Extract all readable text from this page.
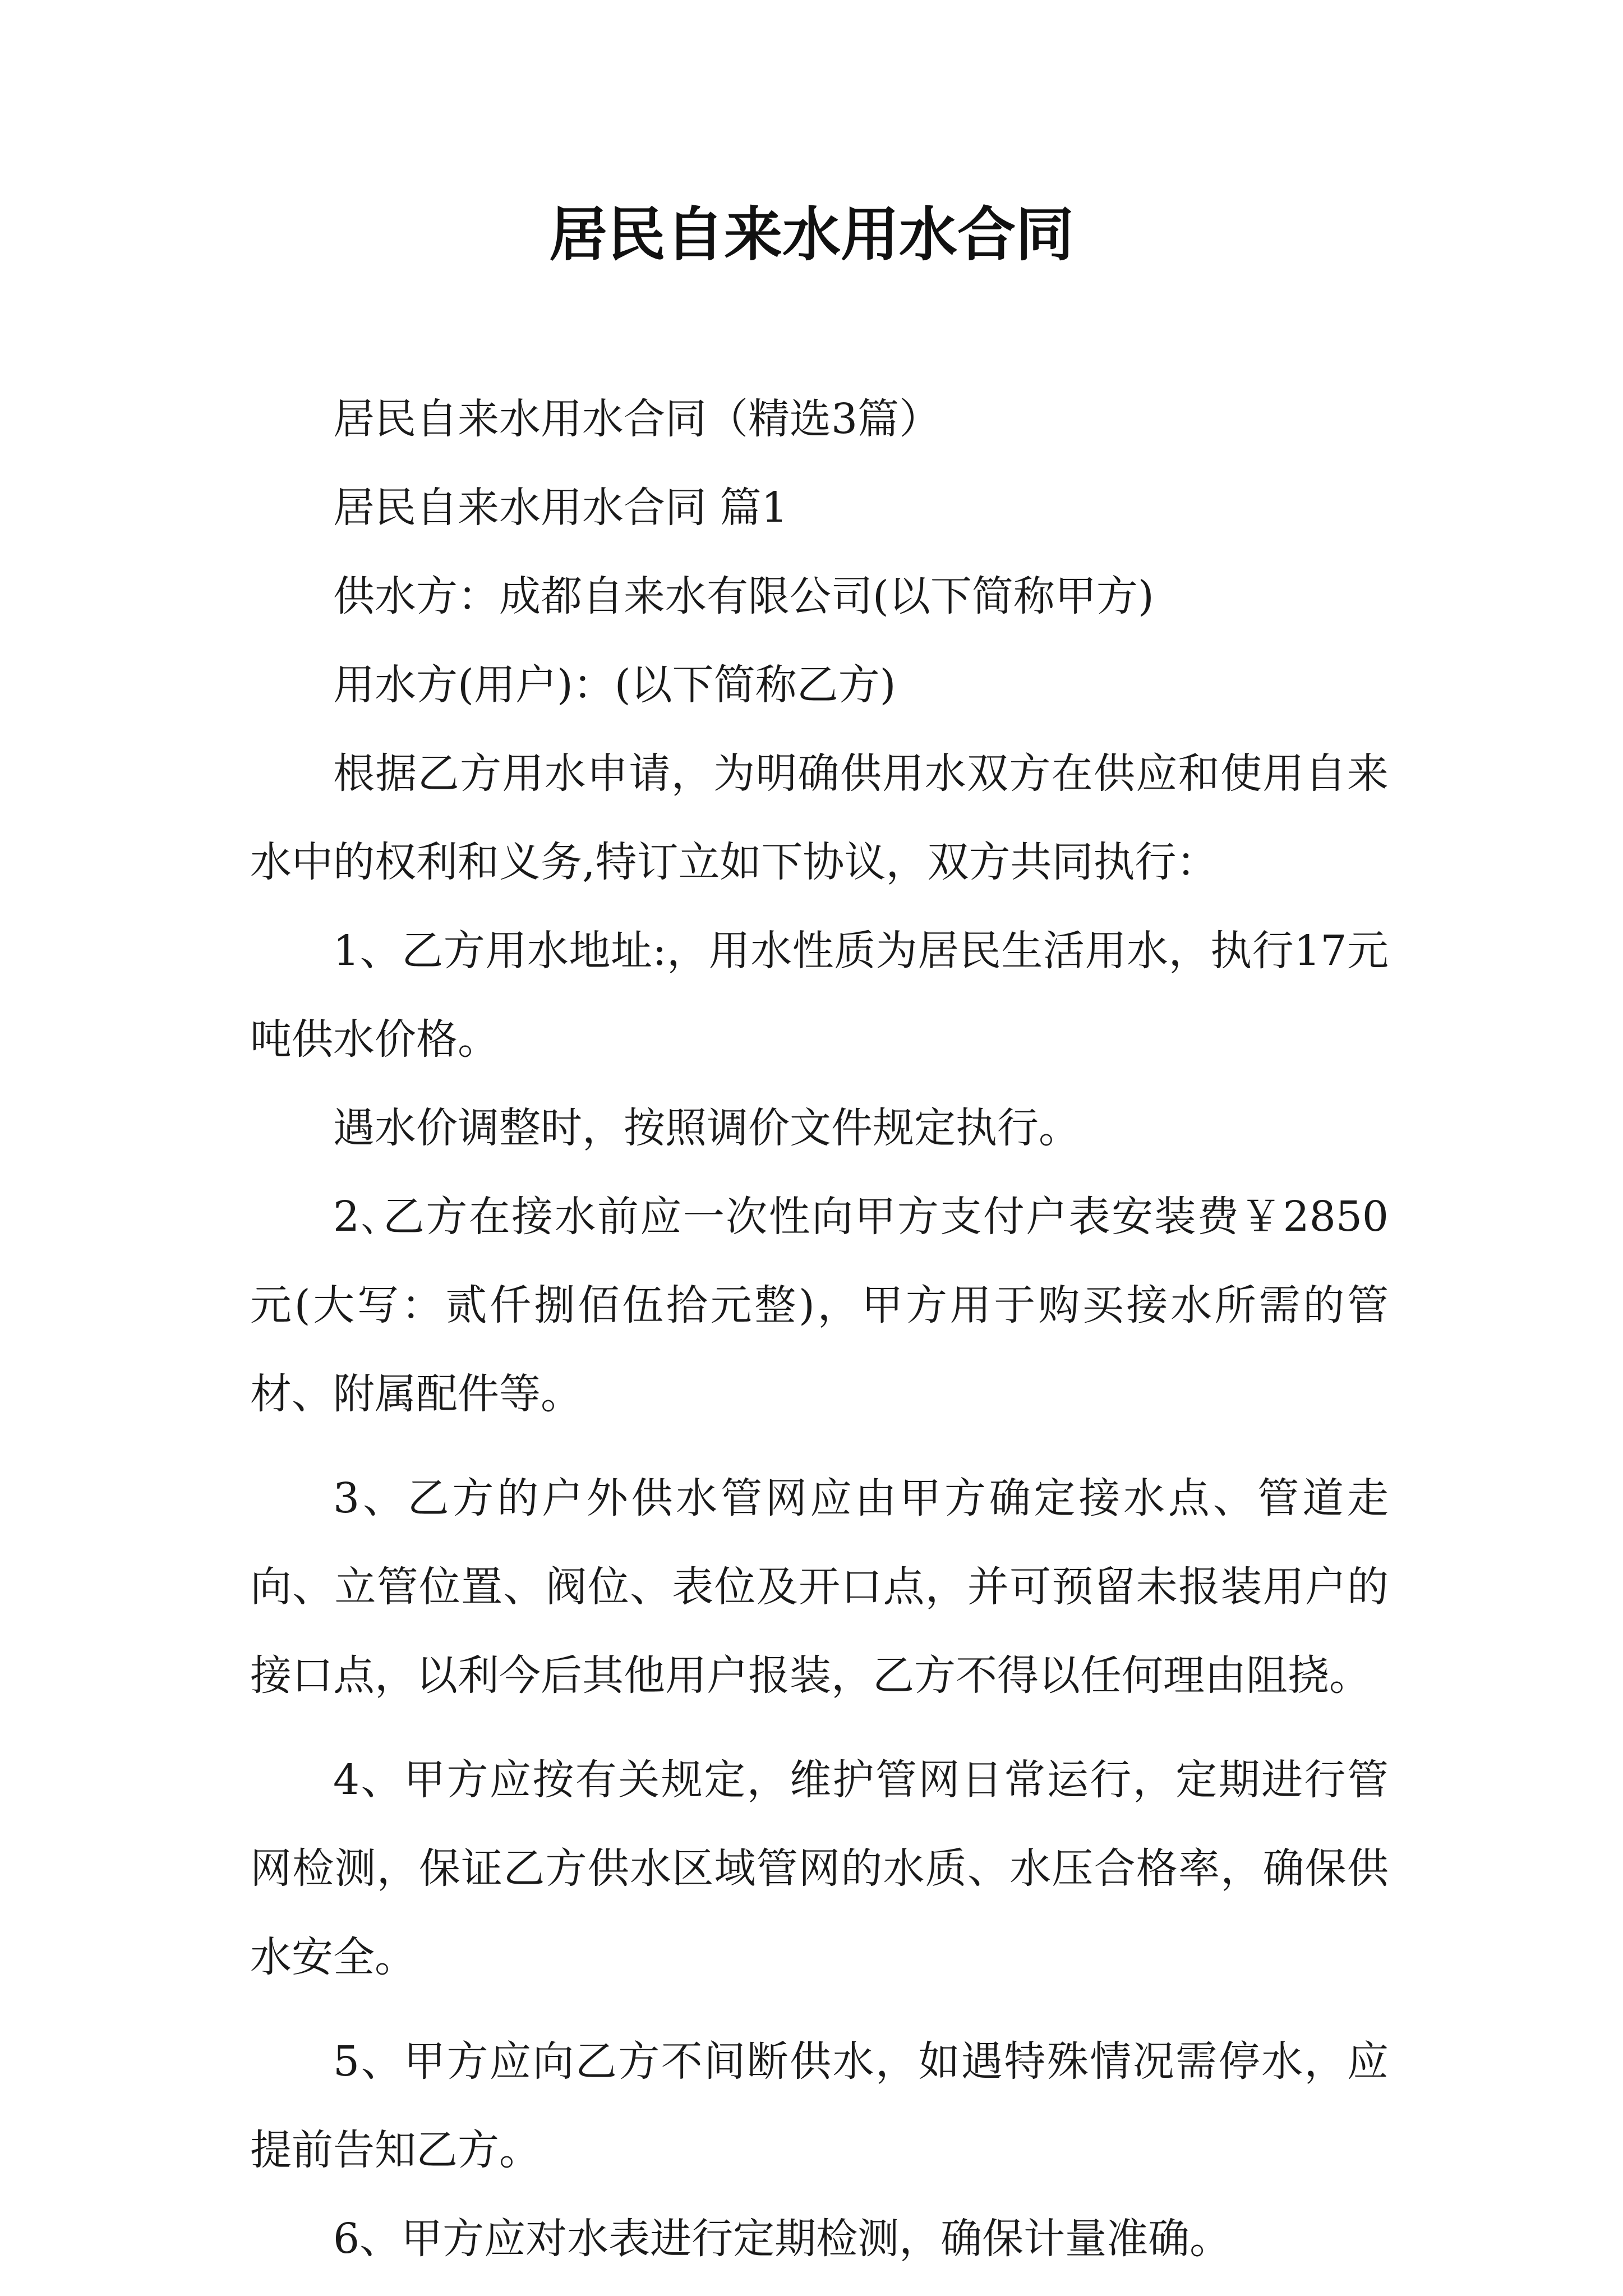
居民自来水用水合同

居民自来水用水合同（精选3篇）

居民自来水用水合同 篇1

供水方：成都自来水有限公司(以下简称甲方)

用水方(用户)：(以下简称乙方)

根据乙方用水申请，为明确供用水双方在供应和使用自来水中的权利和义务,特订立如下协议，双方共同执行：

1、乙方用水地址:，用水性质为居民生活用水，执行17元吨供水价格。

遇水价调整时，按照调价文件规定执行。

2､乙方在接水前应一次性向甲方支付户表安装费￥2850元(大写：贰仟捌佰伍拾元整)，甲方用于购买接水所需的管材、附属配件等。

3、乙方的户外供水管网应由甲方确定接水点、管道走向、立管位置、阀位、表位及开口点，并可预留未报装用户的接口点，以利今后其他用户报装，乙方不得以任何理由阻挠。

4、甲方应按有关规定，维护管网日常运行，定期进行管网检测，保证乙方供水区域管网的水质、水压合格率，确保供水安全。

5、甲方应向乙方不间断供水，如遇特殊情况需停水，应提前告知乙方。

6、甲方应对水表进行定期检测，确保计量准确。
